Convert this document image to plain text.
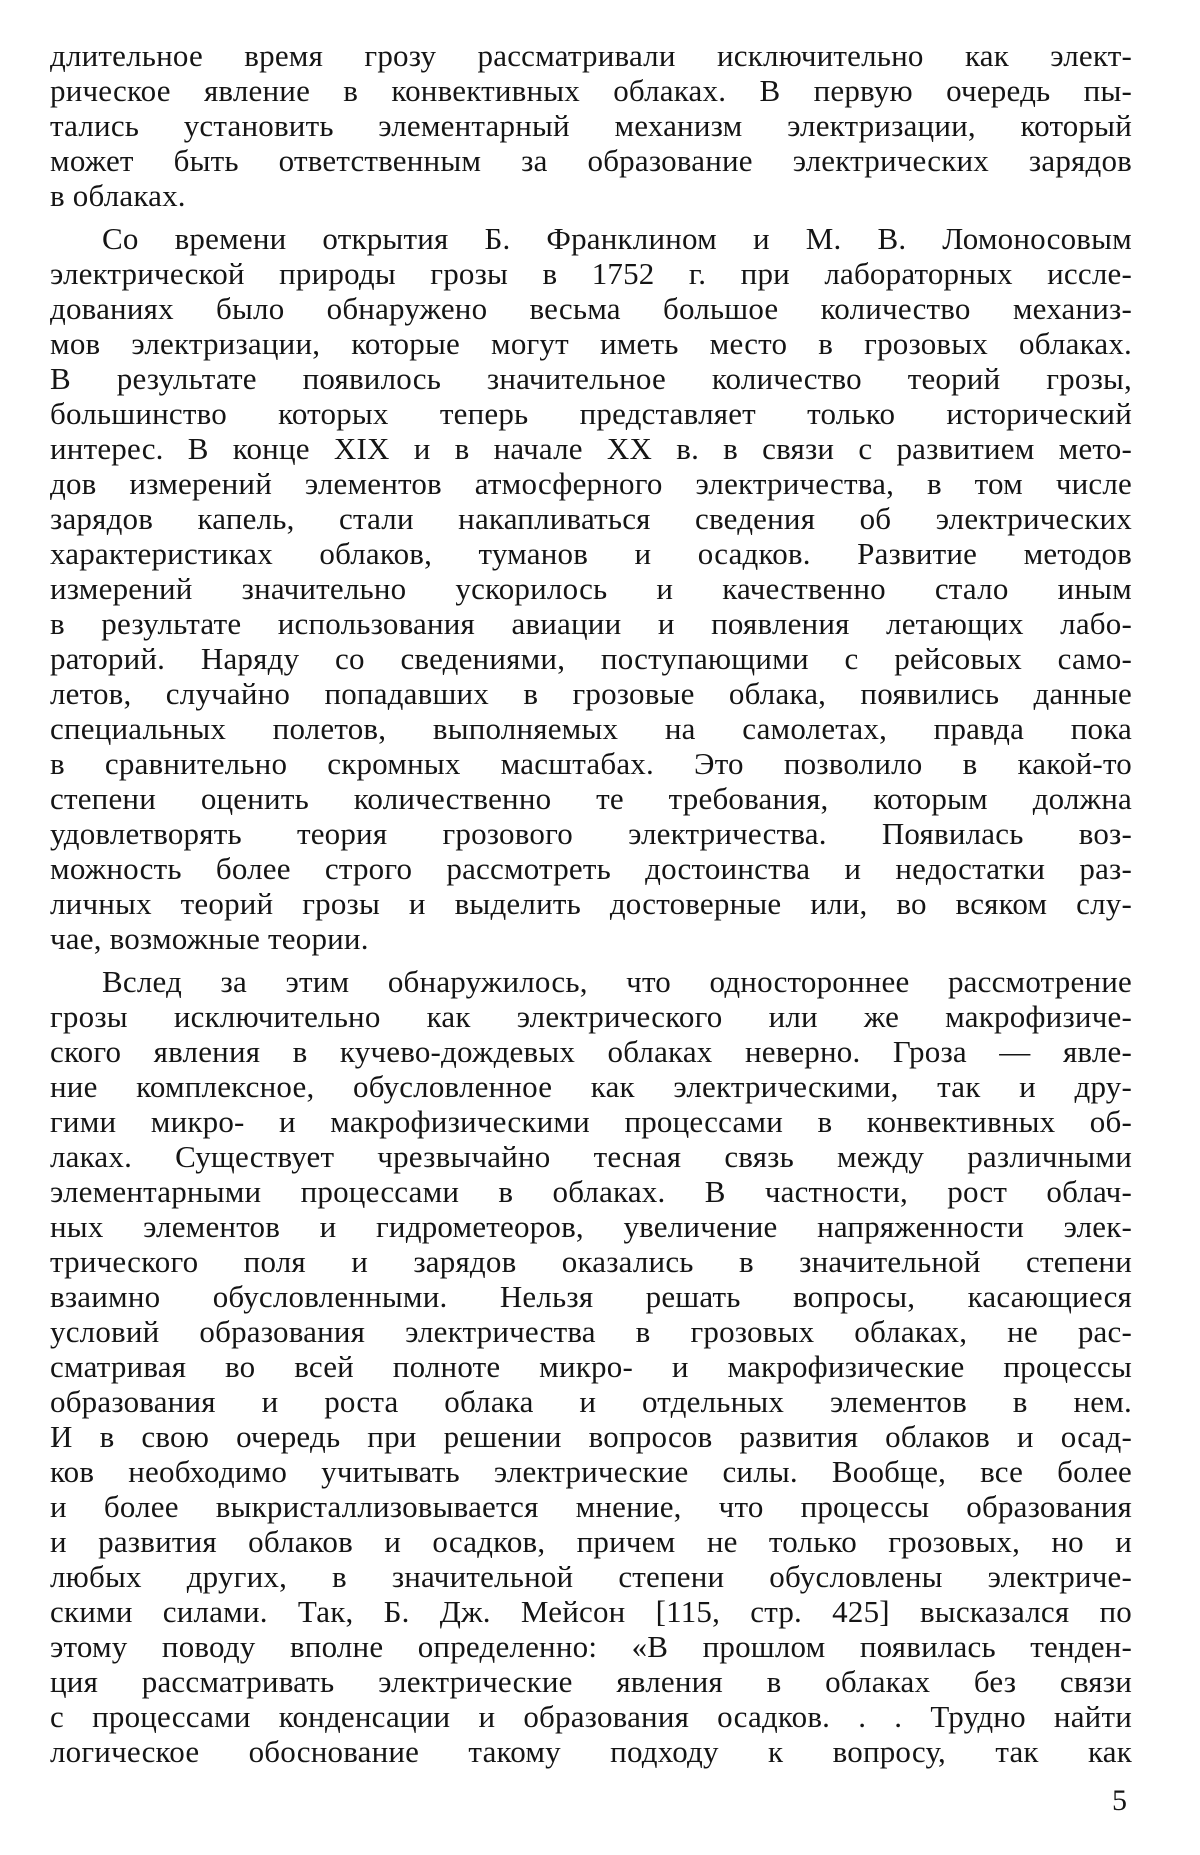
длительное время грозу рассматривали исключительно как элект-
рическое явление в конвективных облаках. В первую очередь пы-
тались установить элементарный механизм электризации, который
может быть ответственным за образование электрических зарядов
в облаках.
Со времени открытия Б. Франклином и М. В. Ломоносовым
электрической природы грозы в 1752 г. при лабораторных иссле-
дованиях было обнаружено весьма большое количество механиз-
мов электризации, которые могут иметь место в грозовых облаках.
В результате появилось значительное количество теорий грозы,
большинство которых теперь представляет только исторический
интерес. В конце XIX и в начале XX в. в связи с развитием мето-
дов измерений элементов атмосферного электричества, в том числе
зарядов капель, стали накапливаться сведения об электрических
характеристиках облаков, туманов и осадков. Развитие методов
измерений значительно ускорилось и качественно стало иным
в результате использования авиации и появления летающих лабо-
раторий. Наряду со сведениями, поступающими с рейсовых само-
летов, случайно попадавших в грозовые облака, появились данные
специальных полетов, выполняемых на самолетах, правда пока
в сравнительно скромных масштабах. Это позволило в какой-то
степени оценить количественно те требования, которым должна
удовлетворять теория грозового электричества. Появилась воз-
можность более строго рассмотреть достоинства и недостатки раз-
личных теорий грозы и выделить достоверные или, во всяком слу-
чае, возможные теории.
Вслед за этим обнаружилось, что одностороннее рассмотрение
грозы исключительно как электрического или же макрофизиче-
ского явления в кучево-дождевых облаках неверно. Гроза — явле-
ние комплексное, обусловленное как электрическими, так и дру-
гими микро- и макрофизическими процессами в конвективных об-
лаках. Существует чрезвычайно тесная связь между различными
элементарными процессами в облаках. В частности, рост облач-
ных элементов и гидрометеоров, увеличение напряженности элек-
трического поля и зарядов оказались в значительной степени
взаимно обусловленными. Нельзя решать вопросы, касающиеся
условий образования электричества в грозовых облаках, не рас-
сматривая во всей полноте микро- и макрофизические процессы
образования и роста облака и отдельных элементов в нем.
И в свою очередь при решении вопросов развития облаков и осад-
ков необходимо учитывать электрические силы. Вообще, все более
и более выкристаллизовывается мнение, что процессы образования
и развития облаков и осадков, причем не только грозовых, но и
любых других, в значительной степени обусловлены электриче-
скими силами. Так, Б. Дж. Мейсон [115, стр. 425] высказался по
этому поводу вполне определенно: «В прошлом появилась тенден-
ция рассматривать электрические явления в облаках без связи
с процессами конденсации и образования осадков. . . Трудно найти
логическое обоснование такому подходу к вопросу, так как
5
